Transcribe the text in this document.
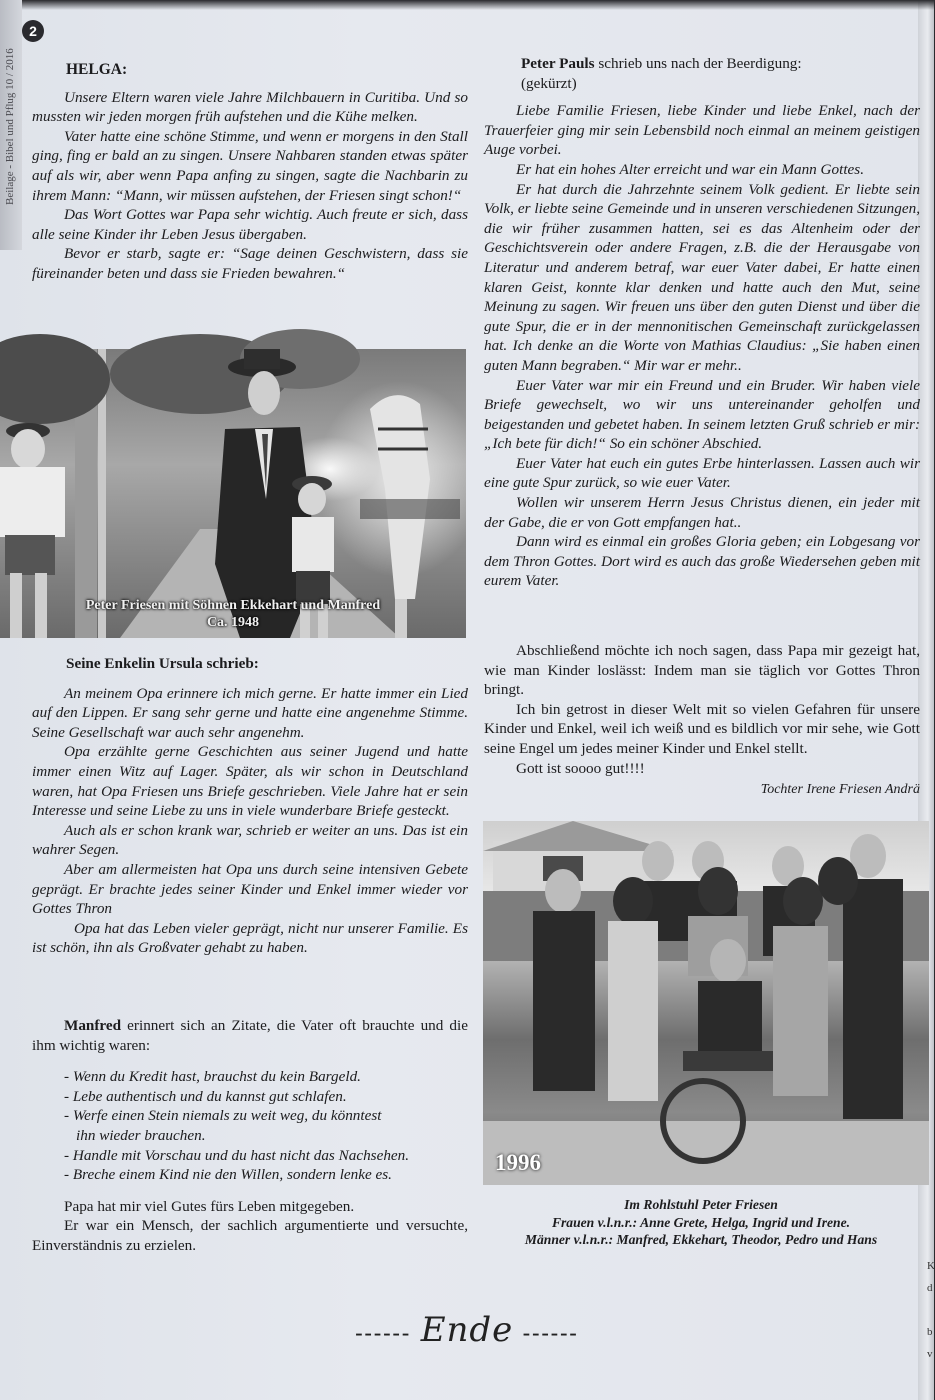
K
d
b
v
Beilage - Bibel und Pflug 10 / 2016
2

HELGA:

Unsere Eltern waren viele Jahre Milchbauern in Curitiba. Und so mussten wir jeden morgen früh aufstehen und die Kühe melken.

Vater hatte eine schöne Stimme, und wenn er morgens in den Stall ging, fing er bald an zu singen. Unsere Nahbaren standen etwas später auf als wir, aber wenn Papa anfing zu singen, sagte die Nachbarin zu ihrem Mann: “Mann, wir müssen aufstehen, der Friesen singt schon!“

Das Wort Gottes war Papa sehr wichtig. Auch freute er sich, dass alle seine Kinder ihr Leben Jesus übergaben.

Bevor er starb, sagte er: “Sage deinen Geschwistern, dass sie füreinander beten und dass sie Frieden bewahren.“

Peter Friesen mit Söhnen Ekkehart und Manfred
Ca. 1948

Seine Enkelin Ursula schrieb:

An meinem Opa erinnere ich mich gerne. Er hatte immer ein Lied auf den Lippen. Er sang sehr gerne und hatte eine angenehme Stimme. Seine Gesellschaft war auch sehr angenehm.

Opa erzählte gerne Geschichten aus seiner Jugend und hatte immer einen Witz auf Lager. Später, als wir schon in Deutschland waren, hat Opa Friesen uns Briefe geschrieben. Viele Jahre hat er sein Interesse und seine Liebe zu uns in viele wunderbare Briefe gesteckt.

Auch als er schon krank war, schrieb er weiter an uns. Das ist ein wahrer Segen.

Aber am allermeisten hat Opa uns durch seine intensiven Gebete geprägt. Er brachte jedes seiner Kinder und Enkel immer wieder vor Gottes Thron

Opa hat das Leben vieler geprägt, nicht nur unserer Familie. Es ist schön, ihn als Großvater gehabt zu haben.

Manfred erinnert sich an Zitate, die Vater oft brauchte und die ihm wichtig waren:

- Wenn du Kredit hast, brauchst du kein Bargeld.
- Lebe authentisch und du kannst gut schlafen.
- Werfe einen Stein niemals zu weit weg, du könntest
ihn wieder brauchen.
- Handle mit Vorschau und du hast nicht das Nachsehen.
- Breche einem Kind nie den Willen, sondern lenke es.

Papa hat mir viel Gutes fürs Leben mitgegeben.

Er war ein Mensch, der sachlich argumentierte und versuchte, Einverständnis zu erzielen.

Peter Pauls schrieb uns nach der Beerdigung:

(gekürzt)

Liebe Familie Friesen, liebe Kinder und liebe Enkel, nach der Trauerfeier ging mir sein Lebensbild noch einmal an meinem geistigen Auge vorbei.

Er hat ein hohes Alter erreicht und war ein Mann Gottes.

Er hat durch die Jahrzehnte seinem Volk gedient. Er liebte sein Volk, er liebte seine Gemeinde und in unseren verschiedenen Sitzungen, die wir früher zusammen hatten, sei es das Altenheim oder der Geschichtsverein oder andere Fragen, z.B. die der Herausgabe von Literatur und anderem betraf, war euer Vater dabei, Er hatte einen klaren Geist, konnte klar denken und hatte auch den Mut, seine Meinung zu sagen. Wir freuen uns über den guten Dienst und über die gute Spur, die er in der mennonitischen Gemeinschaft zurückgelassen hat. Ich denke an die Worte von Mathias Claudius: „Sie haben einen guten Mann begraben.“ Mir war er mehr..

Euer Vater war mir ein Freund und ein Bruder. Wir haben viele Briefe gewechselt, wo wir uns untereinander geholfen und beigestanden und gebetet haben. In seinem letzten Gruß schrieb er mir: „Ich bete für dich!“ So ein schöner Abschied.

Euer Vater hat euch ein gutes Erbe hinterlassen. Lassen auch wir eine gute Spur zurück, so wie euer Vater.

Wollen wir unserem Herrn Jesus Christus dienen, ein jeder mit der Gabe, die er von Gott empfangen hat..

Dann wird es einmal ein großes Gloria geben; ein Lobgesang vor dem Thron Gottes. Dort wird es auch das große Wiedersehen geben mit eurem Vater.

Abschließend möchte ich noch sagen, dass Papa mir gezeigt hat, wie man Kinder loslässt: Indem man sie täglich vor Gottes Thron bringt.

Ich bin getrost in dieser Welt mit so vielen Gefahren für unsere Kinder und Enkel, weil ich weiß und es bildlich vor mir sehe, wie Gott seine Engel um jedes meiner Kinder und Enkel stellt.

Gott ist soooo gut!!!!

Tochter Irene Friesen Andrä

1996
Im Rohlstuhl Peter Friesen
Frauen v.l.n.r.: Anne Grete, Helga, Ingrid und Irene.
Männer v.l.n.r.: Manfred, Ekkehart, Theodor, Pedro und Hans
------ Ende ------
